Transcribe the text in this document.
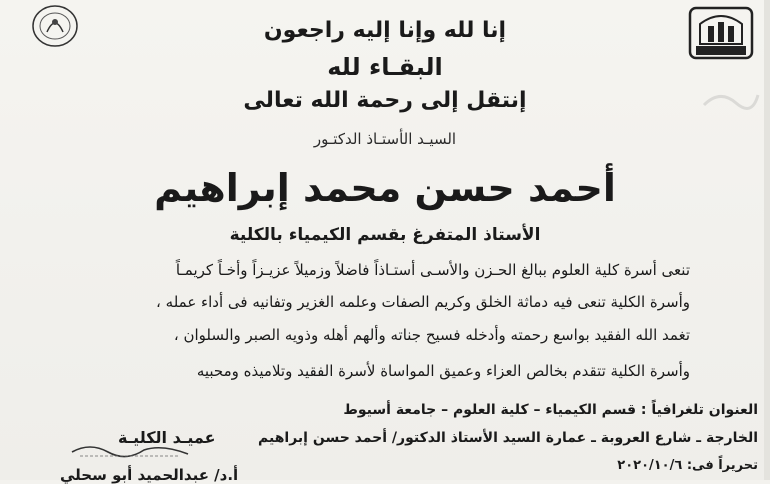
إنا لله وإنا إليه راجعون
البقـاء لله
إنتقل إلى رحمة الله تعالى
السيـد الأستـاذ الدكتـور
أحمد حسن محمد إبراهيم
الأستاذ المتفرغ بقسم الكيمياء بالكلية
تنعى أسرة كلية العلوم ببالغ الحـزن والأسـى أستـاذاً فاضلاً وزميلاً عزيـزاً وأخـاً كريمـاً
وأسرة الكلية تنعى فيه دماثة الخلق وكريم الصفات وعلمه الغزير وتفانيه فى أداء عمله ،
تغمد الله الفقيد بواسع رحمته وأدخله فسيح جناته وألهم أهله وذويه الصبر والسلوان ،
وأسرة الكلية تتقدم بخالص العزاء وعميق المواساة لأسرة الفقيد وتلاميذه ومحبيه
العنوان تلغرافياً : قسم الكيمياء – كلية العلوم – جامعة أسيوط
الخارجة ـ شارع العروبة ـ عمارة السيد الأستاذ الدكتور/ أحمد حسن إبراهيم
تحريراً فى: ٢٠٢٠/١٠/٦
عميـد الكليـة
أ.د/ عبدالحميد أبو سحلي
